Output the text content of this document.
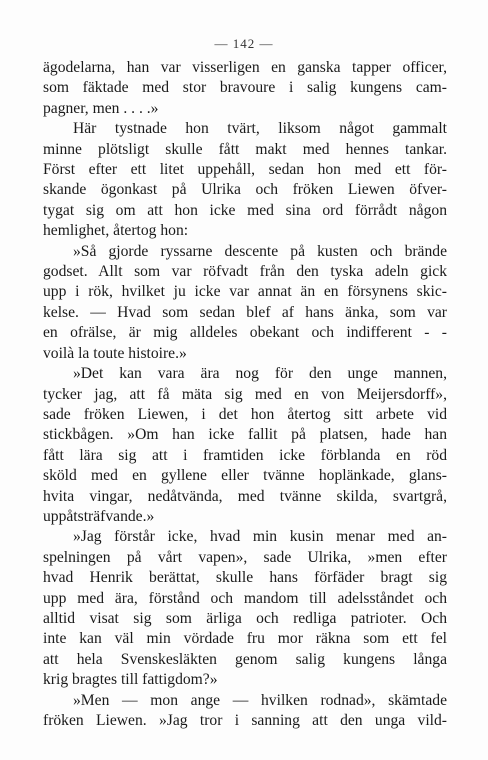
— 142 —
ägodelarna, han var visserligen en ganska tapper officer,
som fäktade med stor bravoure i salig kungens cam-
pagner, men . . . .»
Här tystnade hon tvärt, liksom något gammalt
minne plötsligt skulle fått makt med hennes tankar.
Först efter ett litet uppehåll, sedan hon med ett för-
skande ögonkast på Ulrika och fröken Liewen öfver-
tygat sig om att hon icke med sina ord förrådt någon
hemlighet, återtog hon:
»Så gjorde ryssarne descente på kusten och brände
godset. Allt som var röfvadt från den tyska adeln gick
upp i rök, hvilket ju icke var annat än en försynens skic-
kelse. — Hvad som sedan blef af hans änka, som var
en ofrälse, är mig alldeles obekant och indifferent - -
voilà la toute histoire.»
»Det kan vara ära nog för den unge mannen,
tycker jag, att få mäta sig med en von Meijersdorff»,
sade fröken Liewen, i det hon återtog sitt arbete vid
stickbågen. »Om han icke fallit på platsen, hade han
fått lära sig att i framtiden icke förblanda en röd
sköld med en gyllene eller tvänne hoplänkade, glans-
hvita vingar, nedåtvända, med tvänne skilda, svartgrå,
uppåtsträfvande.»
»Jag förstår icke, hvad min kusin menar med an-
spelningen på vårt vapen», sade Ulrika, »men efter
hvad Henrik berättat, skulle hans förfäder bragt sig
upp med ära, förstånd och mandom till adelsståndet och
alltid visat sig som ärliga och redliga patrioter. Och
inte kan väl min vördade fru mor räkna som ett fel
att hela Svenskesläkten genom salig kungens långa
krig bragtes till fattigdom?»
»Men — mon ange — hvilken rodnad», skämtade
fröken Liewen. »Jag tror i sanning att den unga vild-
